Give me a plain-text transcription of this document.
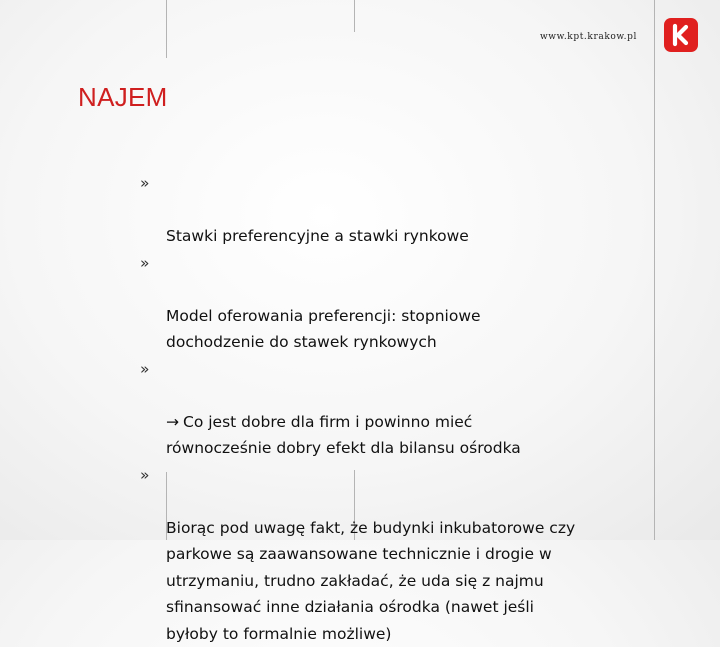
www.kpt.krakow.pl
NAJEM

»

Stawki preferencyjne a stawki rynkowe

»

Model oferowania preferencji: stopniowe
dochodzenie do stawek rynkowych

»

→ Co jest dobre dla firm i powinno mieć
równocześnie dobry efekt dla bilansu ośrodka

»

Biorąc pod uwagę fakt, że budynki inkubatorowe czy
parkowe są zaawansowane technicznie i drogie w
utrzymaniu, trudno zakładać, że uda się z najmu
sfinansować inne działania ośrodka (nawet jeśli
byłoby to formalnie możliwe)
